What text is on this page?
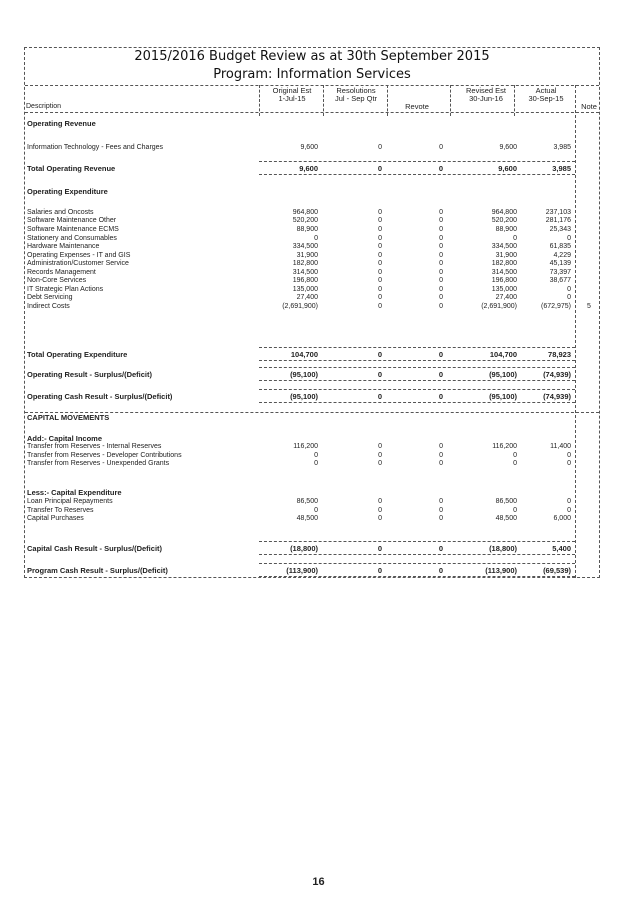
2015/2016 Budget Review as at 30th September 2015
Program: Information Services
Description
Original Est
1-Jul-15
Resolutions
Jul - Sep Qtr
Revote
Revised Est
30-Jun-16
Actual
30-Sep-15
Note
Operating Revenue
Information Technology - Fees and Charges	9,600	0	0	9,600	3,985
Total Operating Revenue	9,600	0	0	9,600	3,985
Operating Expenditure
Salaries and Oncosts	964,800	0	0	964,800	237,103
Software Maintenance Other	520,200	0	0	520,200	281,176
Software Maintenance ECMS	88,900	0	0	88,900	25,343
Stationery and Consumables	0	0	0	0	0
Hardware Maintenance	334,500	0	0	334,500	61,835
Operating Expenses - IT and GIS	31,900	0	0	31,900	4,229
Administration/Customer Service	182,800	0	0	182,800	45,139
Records Management	314,500	0	0	314,500	73,397
Non-Core Services	196,800	0	0	196,800	38,677
IT Strategic Plan Actions	135,000	0	0	135,000	0
Debt Servicing	27,400	0	0	27,400	0
Indirect Costs	(2,691,900)	0	0	(2,691,900)	(672,975)	5
Total Operating Expenditure	104,700	0	0	104,700	78,923
Operating Result - Surplus/(Deficit)	(95,100)	0	0	(95,100)	(74,939)
Operating Cash Result - Surplus/(Deficit)	(95,100)	0	0	(95,100)	(74,939)
CAPITAL MOVEMENTS
Add:- Capital Income
Transfer from Reserves - Internal Reserves	116,200	0	0	116,200	11,400
Transfer from Reserves - Developer Contributions	0	0	0	0	0
Transfer from Reserves - Unexpended Grants	0	0	0	0	0
Less:- Capital Expenditure
Loan Principal Repayments	86,500	0	0	86,500	0
Transfer To Reserves	0	0	0	0	0
Capital Purchases	48,500	0	0	48,500	6,000
Capital Cash Result - Surplus/(Deficit)	(18,800)	0	0	(18,800)	5,400
Program Cash Result - Surplus/(Deficit)	(113,900)	0	0	(113,900)	(69,539)
16
